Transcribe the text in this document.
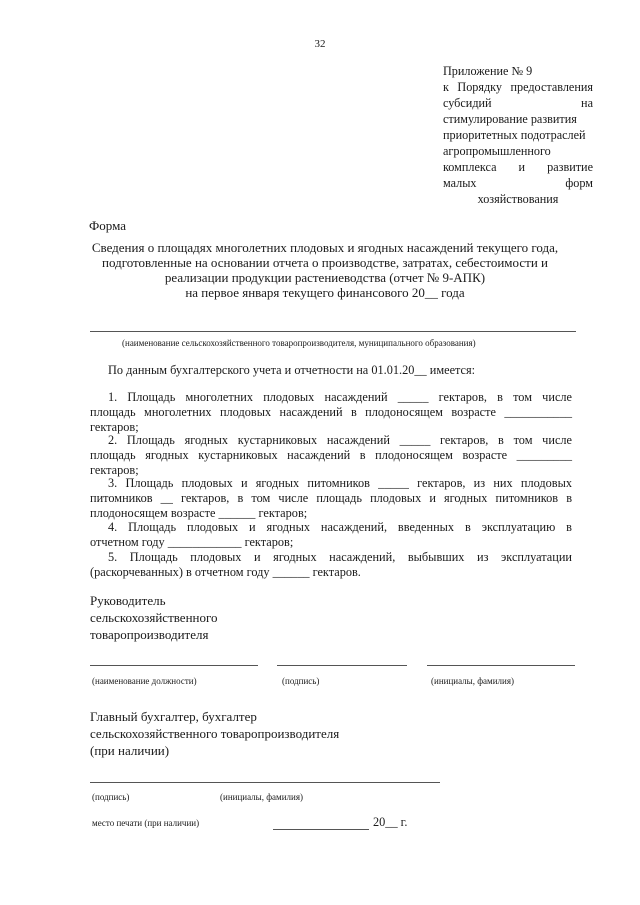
32
Приложение № 9
к Порядку предоставления
субсидий на
стимулирование развития
приоритетных подотраслей
агропромышленного
комплекса и развитие
малых форм
хозяйствования
Форма
Сведения о площадях многолетних плодовых и ягодных насаждений текущего года,
подготовленные на основании отчета о производстве, затратах, себестоимости и
реализации продукции растениеводства (отчет № 9-АПК)
на первое января текущего финансового 20__ года
(наименование сельскохозяйственного товаропроизводителя, муниципального образования)
По данным бухгалтерского учета и отчетности на 01.01.20__ имеется:
1. Площадь многолетних плодовых насаждений _____ гектаров, в том числе
площадь многолетних плодовых насаждений в плодоносящем возрасте ___________
гектаров;
2. Площадь ягодных кустарниковых насаждений _____ гектаров, в том числе
площадь ягодных кустарниковых насаждений в плодоносящем возрасте _________
гектаров;
3. Площадь плодовых и ягодных питомников _____ гектаров, из них плодовых
питомников __ гектаров, в том числе площадь плодовых и ягодных питомников в
плодоносящем возрасте ______ гектаров;
4. Площадь плодовых и ягодных насаждений, введенных в эксплуатацию в
отчетном году ____________ гектаров;
5. Площадь плодовых и ягодных насаждений, выбывших из эксплуатации
(раскорчеванных) в отчетном году ______ гектаров.
Руководитель
сельскохозяйственного
товаропроизводителя
(наименование должности)	(подпись)	(инициалы, фамилия)
Главный бухгалтер, бухгалтер
сельскохозяйственного товаропроизводителя
(при наличии)
(подпись)	(инициалы, фамилия)
место печати (при наличии)	20__ г.
